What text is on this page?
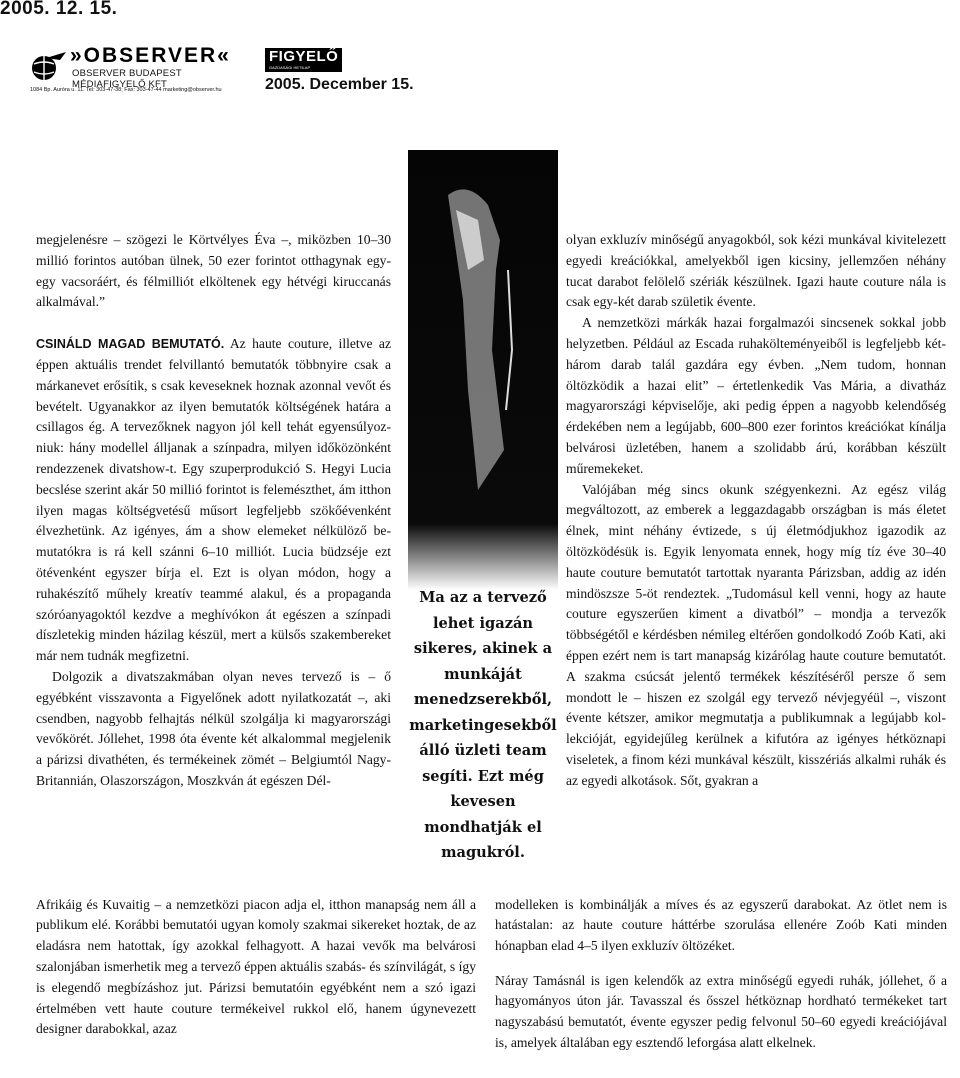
2005. 12. 15.
»OBSERVER«
OBSERVER BUDAPEST MÉDIAFIGYELŐ KFT
1084 Bp. Auróra u. 11. Tel: 303-47-38; Fax: 303-47-44 marketing@observer.hu
FIGYELŐ
GAZDASÁGI HETILAP
2005. December 15.

megjelenésre – szögezi le Körtvélyes Éva –, miközben 10–30 millió forintos autóban ülnek, 50 ezer forintot otthagynak egy-egy vacsoráért, és félmilliót elköltenek egy hétvégi kiruccanás alkalmával.”

CSINÁLD MAGAD BEMUTATÓ. Az haute couture, illetve az éppen aktuális trendet felvillantó bemutatók többnyire csak a márkanevet erősítik, s csak keveseknek hoznak azonnal vevőt és bevételt. Ugyanakkor az ilyen bemutatók költségének határa a csillagos ég. A tervezőknek nagyon jól kell tehát egyensúlyozniuk: hány modellel álljanak a színpadra, milyen időközönként rendezzenek divatshow-t. Egy szuperprodukció S. Hegyi Lucia becslése szerint akár 50 millió forintot is felemészthet, ám itthon ilyen magas költségvetésű műsort legfeljebb szökőévenként élvezhetünk. Az igényes, ám a show elemeket nélkülöző bemutatókra is rá kell szánni 6–10 milliót. Lucia büdzséje ezt ötévenként egyszer bírja el. Ezt is olyan módon, hogy a ruhakészítő műhely kreatív teammé alakul, és a propaganda szóróanyagoktól kezdve a meghívókon át egészen a színpadi díszletekig minden házilag készül, mert a külsős szakembereket már nem tudnák megfizetni.

Dolgozik a divatszakmában olyan neves tervező is – ő egyébként visszavonta a Figyelőnek adott nyilatkozatát –, aki csendben, nagyobb felhajtás nélkül szolgálja ki magyarországi vevőkörét. Jóllehet, 1998 óta évente két alkalommal megjelenik a párizsi divathéten, és termékeinek zömét – Belgiumtól Nagy-Britannián, Olaszországon, Moszkván át egészen Dél-

Ma az a tervező lehet igazán sikeres, akinek a munkáját menedzserekből, marketingesekből álló üzleti team segíti. Ezt még kevesen mondhatják el magukról.

olyan exkluzív minőségű anyagokból, sok kézi munkával kivitelezett egyedi kreációkkal, amelyekből igen kicsiny, jellemzően néhány tucat darabot felölelő szériák készülnek. Igazi haute couture nála is csak egy-két darab születik évente.

A nemzetközi márkák hazai forgalmazói sincsenek sokkal jobb helyzetben. Például az Escada ruhakölteményeiből is legfeljebb két-három darab talál gazdára egy évben. „Nem tudom, honnan öltözködik a hazai elit” – értetlenkedik Vas Mária, a divatház magyarországi képviselője, aki pedig éppen a nagyobb kelendőség érdekében nem a legújabb, 600–800 ezer forintos kreációkat kínálja belvárosi üzletében, hanem a szolidabb árú, korábban készült műremekeket.

Valójában még sincs okunk szégyenkezni. Az egész világ megváltozott, az emberek a leggazdagabb országban is más életet élnek, mint néhány évtizede, s új életmódjukhoz igazodik az öltözködésük is. Egyik lenyomata ennek, hogy míg tíz éve 30–40 haute couture bemutatót tartottak nyaranta Párizsban, addig az idén mindöszsze 5-öt rendeztek. „Tudomásul kell venni, hogy az haute couture egyszerűen kiment a divatból” – mondja a tervezők többségétől e kérdésben némileg eltérően gondolkodó Zoób Kati, aki éppen ezért nem is tart manapság kizárólag haute couture bemutatót. A szakma csúcsát jelentő termékek készítéséről persze ő sem mondott le – hiszen ez szolgál egy tervező névjegyéül –, viszont évente kétszer, amikor megmutatja a publikumnak a legújabb kollekcióját, egyidejűleg kerülnek a kifutóra az igényes hétköznapi viseletek, a finom kézi munkával készült, kisszériás alkalmi ruhák és az egyedi alkotások. Sőt, gyakran a

Afrikáig és Kuvaitig – a nemzetközi piacon adja el, itthon manapság nem áll a publikum elé. Korábbi bemutatói ugyan komoly szakmai sikereket hoztak, de az eladásra nem hatottak, így azokkal felhagyott. A hazai vevők ma belvárosi szalonjában ismerhetik meg a tervező éppen aktuális szabás- és színvilágát, s így is elegendő megbízáshoz jut. Párizsi bemutatóin egyébként nem a szó igazi értelmében vett haute couture termékeivel rukkol elő, hanem úgynevezett designer darabokkal, azaz

modelleken is kombinálják a míves és az egyszerű darabokat. Az ötlet nem is hatástalan: az haute couture háttérbe szorulása ellenére Zoób Kati minden hónapban elad 4–5 ilyen exkluzív öltözéket.

Náray Tamásnál is igen kelendők az extra minőségű egyedi ruhák, jóllehet, ő a hagyományos úton jár. Tavasszal és ősszel hétköznap hordható termékeket tart nagyszabású bemutatót, évente egyszer pedig felvonul 50–60 egyedi kreációjával is, amelyek általában egy esztendő leforgása alatt elkelnek.
